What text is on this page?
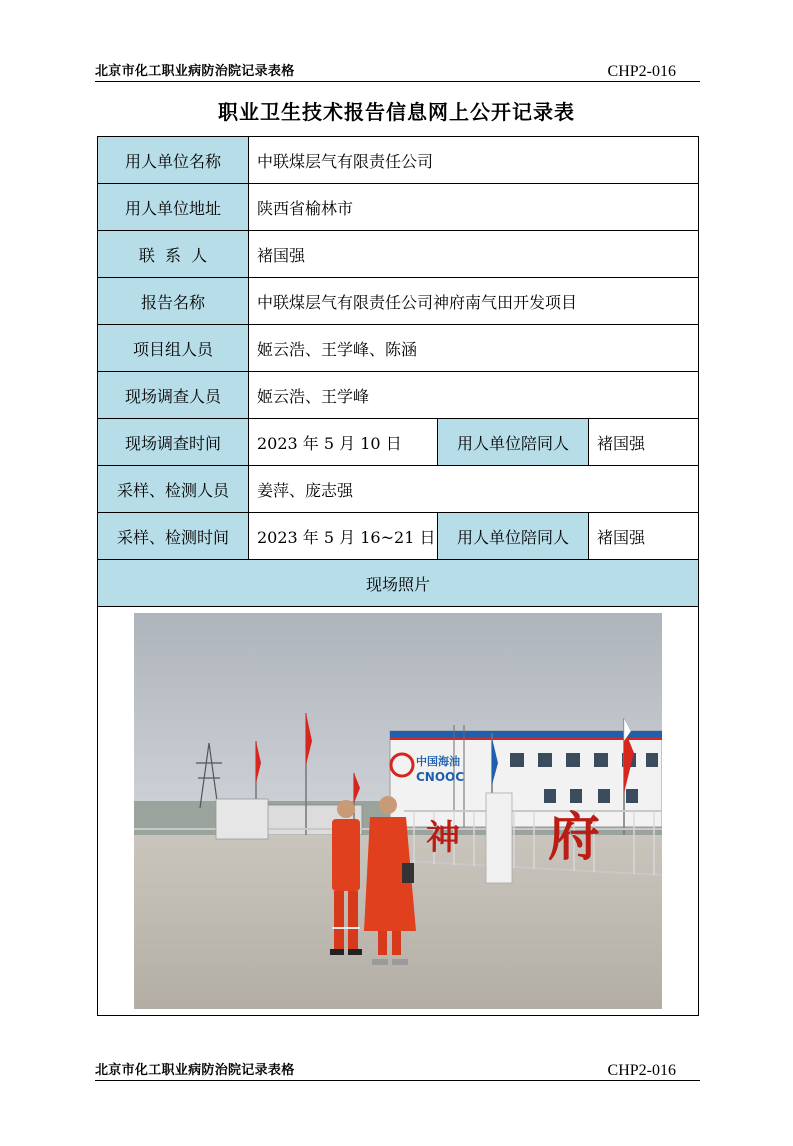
北京市化工职业病防治院记录表格	CHP2-016
职业卫生技术报告信息网上公开记录表
用人单位名称	中联煤层气有限责任公司		
用人单位地址	陕西省榆林市		
联  系  人	褚国强		
报告名称	中联煤层气有限责任公司神府南气田开发项目		
项目组人员	姬云浩、王学峰、陈涵		
现场调查人员	姬云浩、王学峰		
现场调查时间	2023 年 5 月 10 日	用人单位陪同人	褚国强
采样、检测人员	姜萍、庞志强		
采样、检测时间	2023 年 5 月 16~21 日	用人单位陪同人	褚国强
现场照片			

中国海油
CNOOC
神 府			
北京市化工职业病防治院记录表格	CHP2-016
